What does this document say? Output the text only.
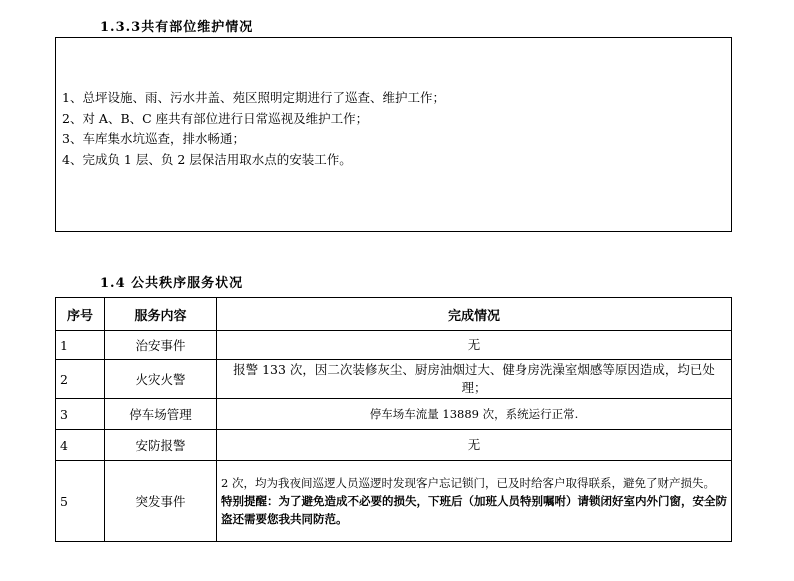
1.3.3共有部位维护情况
1、总坪设施、雨、污水井盖、苑区照明定期进行了巡查、维护工作；
2、对 A、B、C 座共有部位进行日常巡视及维护工作；
3、车库集水坑巡查，排水畅通；
4、完成负 1 层、负 2 层保洁用取水点的安装工作。
1.4 公共秩序服务状况
序号	服务内容	完成情况
1	治安事件	无
2	火灾火警	报警 133 次，因二次装修灰尘、厨房油烟过大、健身房洗澡室烟感等原因造成，均已处理；
3	停车场管理	停车场车流量 13889 次，系统运行正常.
4	安防报警	无
5	突发事件	2 次，均为我夜间巡逻人员巡逻时发现客户忘记锁门，已及时给客户取得联系，避免了财产损失。
特别提醒：为了避免造成不必要的损失，下班后（加班人员特别嘱咐）请锁闭好室内外门窗，安全防盗还需要您我共同防范。
